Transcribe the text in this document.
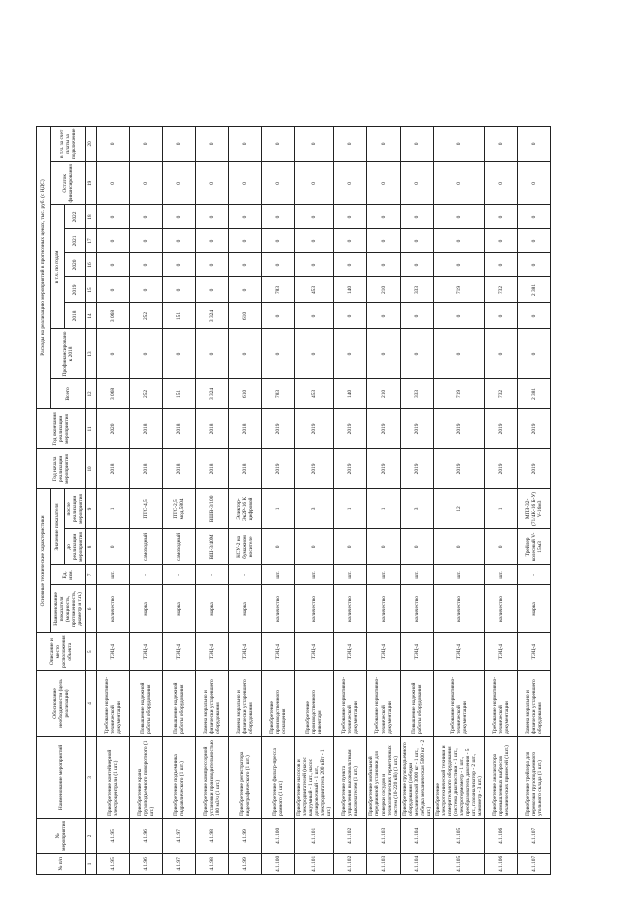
№ п/п	№ мероприятия	Наименование мероприятий	Обоснование необходимости (цель реализации)	Описание и место расположения объекта	Основные технические характеристики				Год начала реализации мероприятия	Год окончания реализации мероприятия	Расходы на реализацию мероприятий в прогнозных ценах, тыс. руб. (с НДС)								
					Наименование показателя (мощность, протяженность, диаметр и т.п.)	Ед. изм.	Значение показателя				Всего	Профинансировано к 2018	в т.ч. по годам					Остаток финансирования	в т.ч. за счет платы за подключение
							до реализации мероприятия	после реализации мероприятия					2018	2019	2020	2021	2022		
1	2	3	4	5	6	7	8	9	10	11	12	13	14	15	16	17	18	19	20
4.1.95	4.1.95	Приобретение контейнерной электроцентрали (1 шт.)	Требование нормативно-технической документации	ТЭЦ-4	количество	шт.	0	1	2018	2020	3 068	0	3 068	0	0	0	0	0	0
4.1.96	4.1.96	Приобретение крана грузоподъемного поворотного (1 шт.)	Повышение надежной работы оборудования	ТЭЦ-4	марка	-	самоходный	ПТС-4,5	2018	2018	252	0	252	0	0	0	0	0	0
4.1.97	4.1.97	Приобретение подъемника гидравлического (1 шт.)	Повышение надежной работы оборудования	ТЭЦ-4	марка	-	самоходный	ПТС-2,5 мод.5804	2018	2018	151	0	151	0	0	0	0	0	0
4.1.98	4.1.98	Приобретение компрессорной установки производительностью 180 м3/ч (1 шт.)	Замена морально и физически устаревшего оборудования	ТЭЦ-4	марка	-	ВШ-3/40М	ВШВ-3/100	2018	2018	3 324	0	3 324	0	0	0	0	0	0
4.1.99	4.1.99	Приобретение регистратора видеографического (1 шт.)	Замена морально и физически устаревшего оборудования	ТЭЦ-4	марка	-	КСУ-2 на бумажном носителе	Эликтор-Эк2Р-16 К цифровой	2018	2018	610	0	610	0	0	0	0	0	0
4.1.100	4.1.100	Приобретение фильтр-пресса рамного (1 шт.)	Приобретение производственного оснащения	ТЭЦ-4	количество	шт.	0	1	2019	2019	783	0	0	783	0	0	0	0	0
4.1.101	4.1.101	Приобретение насосов и электродвигателей (насос вакуумный - 1 шт., насос дозировочный - 1 шт., электродвигатель 200 кВт - 1 шт.)	Приобретение производственного инвентаря	ТЭЦ-4	количество	шт.	0	3	2019	2019	453	0	0	453	0	0	0	0	0
4.1.102	4.1.102	Приобретение пункта управления высоковольтным выключателем (1 шт.)	Требование нормативно-технической документации	ТЭЦ-4	количество	шт.	0	1	2019	2019	140	0	0	140	0	0	0	0	0
4.1.103	4.1.103	Приобретение мобильной передвижной установки для поверки сосудов и технологических герметичных систем (10-220 кВ) (1 шт.)	Требование нормативно-технической документации	ТЭЦ-4	количество	шт.	0	1	2019	2019	210	0	0	210	0	0	0	0	0
4.1.104	4.1.104	Приобретение грузоподъемного оборудования (лебедки механической 3000 кг - 1 шт., лебедка механическая 5000 кг - 2 шт.)	Повышение надежной работы оборудования	ТЭЦ-4	количество	шт.	0	3	2019	2019	333	0	0	333	0	0	0	0	0
4.1.105	4.1.105	Приобретение электротехнической техники и измерительного оборудования (система диагностики - 1 шт., электротермометр - 1 шт., преобразователь давления - 5 шт., газоанализатор - 2 шт., манометр - 3 шт.)	Требование нормативно-технической документации	ТЭЦ-4	количество	шт.	0	12	2019	2019	719	0	0	719	0	0	0	0	0
4.1.106	4.1.106	Приобретение анализатора промышленных выбросов механических примесей (1шт.)	Требование нормативно-технической документации	ТЭЦ-4	количество	шт.	0	1	2019	2019	732	0	0	732	0	0	0	0	0
4.1.107	4.1.107	Приобретение трейлера для перевозки грузоподъемного угольного склада (1 шт.)	Замена морально и физически устаревшего оборудования	ТЭЦ-4	марка	-	Трейлер колесный V-15м3	МПЗ-32-(71/4К-16 Б-У) V-16м3	2019	2019	2 381	0	0	2 381	0	0	0	0	0
